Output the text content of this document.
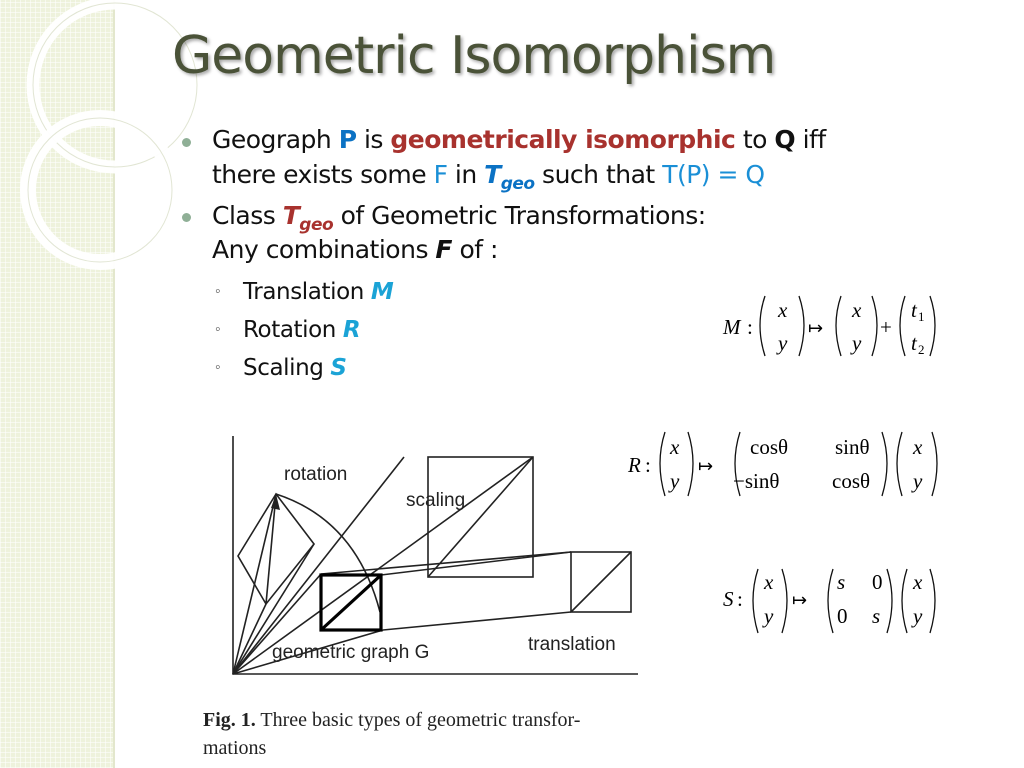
Geometric Isomorphism
Geograph P is geometrically isomorphic to Q iff
there exists some F in $T_{geo}$ such that T(P) = Q
Class $T_{geo}$ of Geometric Transformations:
Any combinations F of :
◦ Translation M
◦ Rotation R
◦ Scaling S
M :
x
y
↦
x
y
+
t 1
t 2
R :
x
y
↦
cosθ sinθ
−sinθ	cosθ
x
y
S :
x
y
↦
s 0
0 s
x
y
rotation
scaling
geometric graph G	translation
Fig. 1. Three basic types of geometric transfor-
mations
